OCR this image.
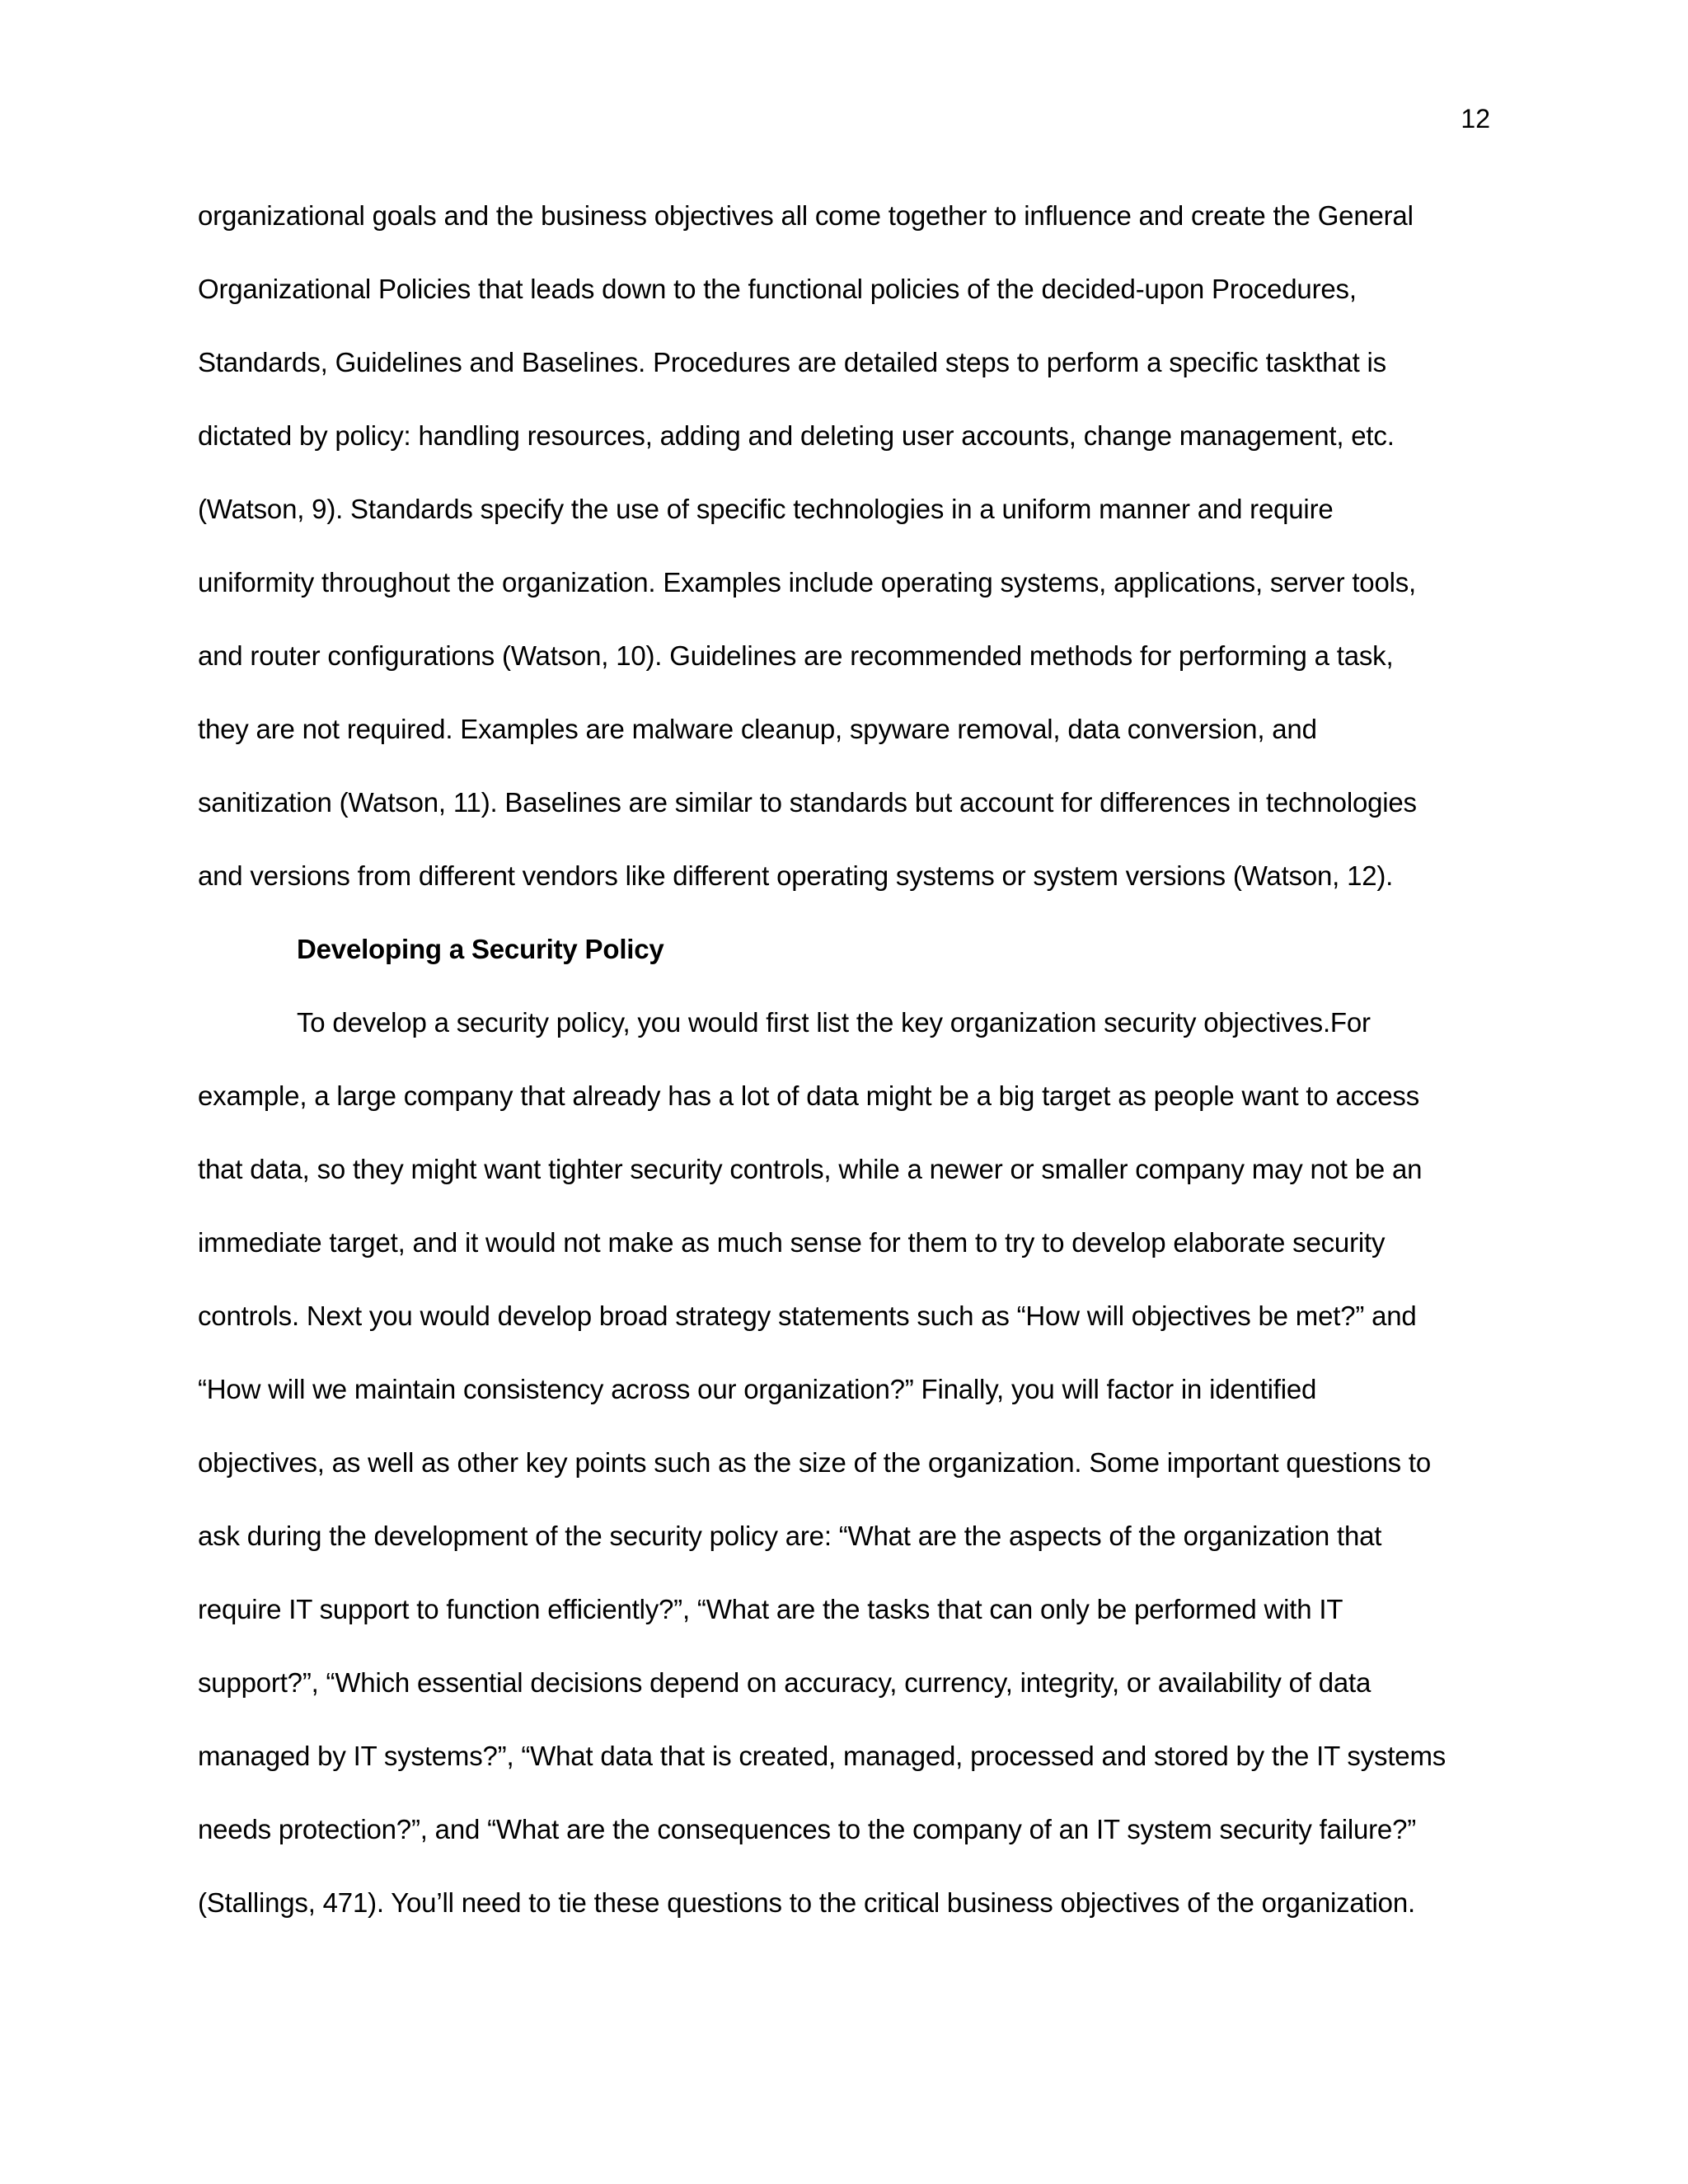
12
organizational goals and the business objectives all come together to influence and create the General
Organizational Policies that leads down to the functional policies of the decided-upon Procedures,
Standards, Guidelines and Baselines. Procedures are detailed steps to perform a specific taskthat is
dictated by policy: handling resources, adding and deleting user accounts, change management, etc.
(Watson, 9). Standards specify the use of specific technologies in a uniform manner and require
uniformity throughout the organization. Examples include operating systems, applications, server tools,
and router configurations (Watson, 10). Guidelines are recommended methods for performing a task,
they are not required. Examples are malware cleanup, spyware removal, data conversion, and
sanitization (Watson, 11). Baselines are similar to standards but account for differences in technologies
and versions from different vendors like different operating systems or system versions (Watson, 12).
Developing a Security Policy
To develop a security policy, you would first list the key organization security objectives.For
example, a large company that already has a lot of data might be a big target as people want to access
that data, so they might want tighter security controls, while a newer or smaller company may not be an
immediate target, and it would not make as much sense for them to try to develop elaborate security
controls. Next you would develop broad strategy statements such as “How will objectives be met?” and
“How will we maintain consistency across our organization?” Finally, you will factor in identified
objectives, as well as other key points such as the size of the organization. Some important questions to
ask during the development of the security policy are: “What are the aspects of the organization that
require IT support to function efficiently?”, “What are the tasks that can only be performed with IT
support?”, “Which essential decisions depend on accuracy, currency, integrity, or availability of data
managed by IT systems?”, “What data that is created, managed, processed and stored by the IT systems
needs protection?”, and “What are the consequences to the company of an IT system security failure?”
(Stallings, 471). You’ll need to tie these questions to the critical business objectives of the organization.
